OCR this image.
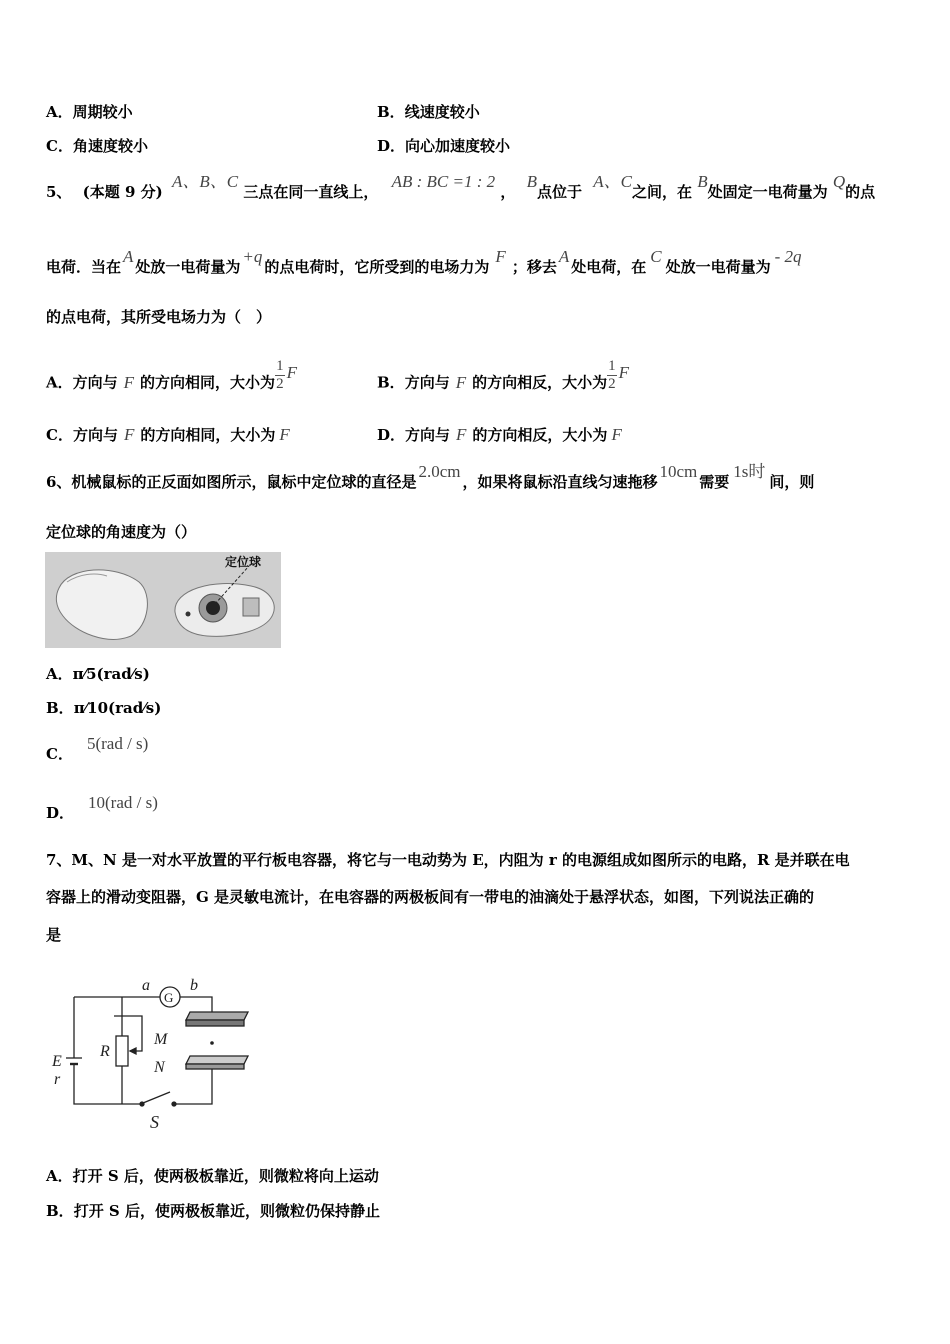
A．周期较小	B．线速度较小
C．角速度较小	D．向心加速度较小
5、 (本题 9 分) A、B、C 三点在同一直线上， AB : BC =1 : 2 ， B点位于 A、C之间，在 B处固定一电荷量为 Q的点
电荷．当在A处放一电荷量为+q的点电荷时，它所受到的电场力为F；移去A处电荷，在C处放一电荷量为- 2q
的点电荷，其所受电场力为（　）
A．方向与 F 的方向相同，大小为 $\frac{1}{2}$ F
B．方向与 F 的方向相反，大小为 $\frac{1}{2}$ F
C．方向与 F 的方向相同，大小为 F	D．方向与 F 的方向相反，大小为 F
6、机械鼠标的正反面如图所示，鼠标中定位球的直径是2.0cm，如果将鼠标沿直线匀速拖移10cm需要1s时间，则
定位球的角速度为（）
定位球
A．π⁄5(rad⁄s)
B．π⁄10(rad⁄s)
C．5(rad / s)
D．10(rad / s)
7、M、N 是一对水平放置的平行板电容器，将它与一电动势为 E，内阻为 r 的电源组成如图所示的电路，R 是并联在电
容器上的滑动变阻器，G 是灵敏电流计，在电容器的两极板间有一带电的油滴处于悬浮状态，如图，下列说法正确的
是
G
a	b
M
N
R
E
r
S
A．打开 S 后，使两极板靠近，则微粒将向上运动
B．打开 S 后，使两极板靠近，则微粒仍保持静止
